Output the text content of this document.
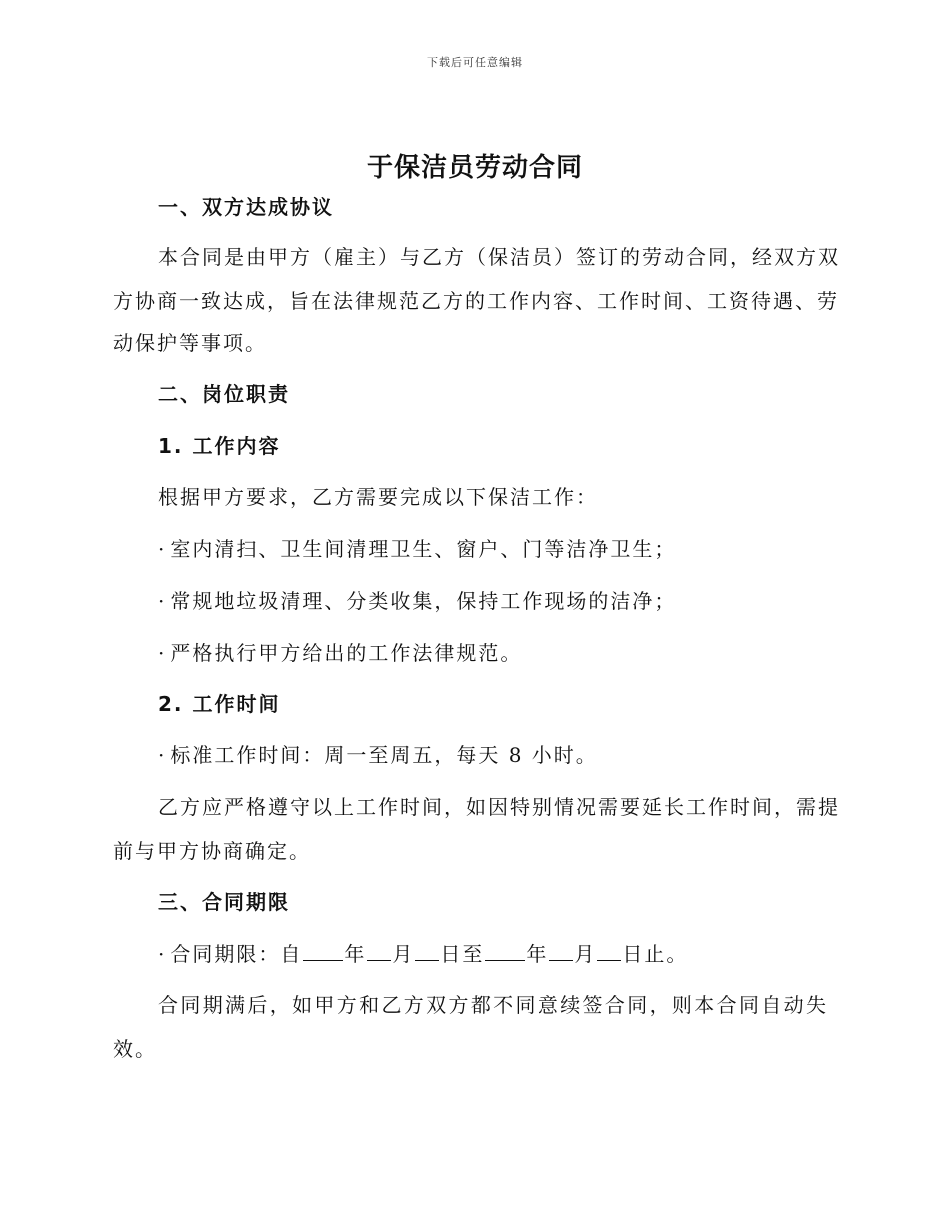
下载后可任意编辑
于保洁员劳动合同
一、双方达成协议
本合同是由甲方（雇主）与乙方（保洁员）签订的劳动合同，经双方双
方协商一致达成，旨在法律规范乙方的工作内容、工作时间、工资待遇、劳
动保护等事项。
二、岗位职责
1. 工作内容
根据甲方要求，乙方需要完成以下保洁工作：
· 室内清扫、卫生间清理卫生、窗户、门等洁净卫生；
· 常规地垃圾清理、分类收集，保持工作现场的洁净；
· 严格执行甲方给出的工作法律规范。
2. 工作时间
· 标准工作时间：周一至周五，每天 8 小时。
乙方应严格遵守以上工作时间，如因特别情况需要延长工作时间，需提
前与甲方协商确定。
三、合同期限
· 合同期限：自 年 月 日至 年 月 日止。
合同期满后，如甲方和乙方双方都不同意续签合同，则本合同自动失
效。
